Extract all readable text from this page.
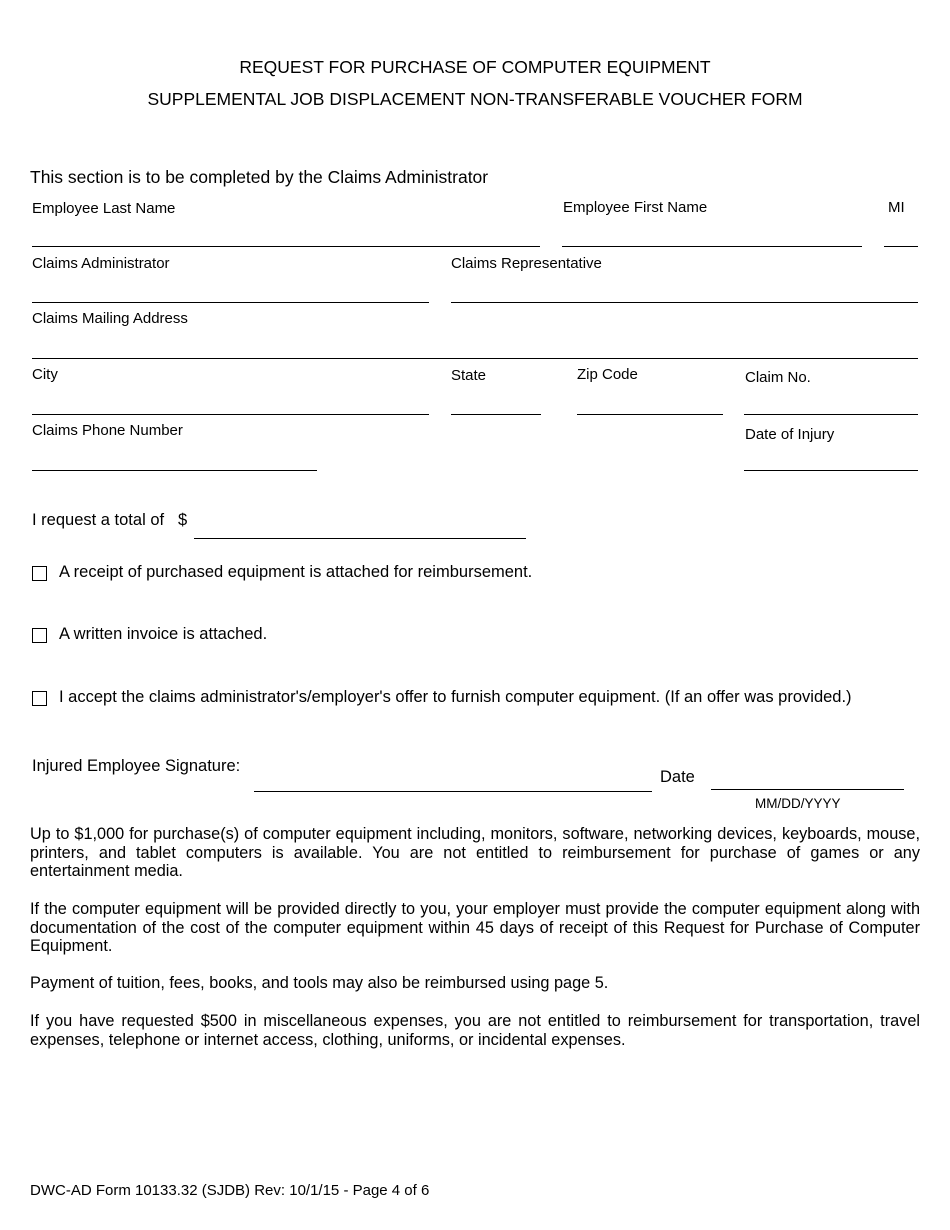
REQUEST FOR PURCHASE OF COMPUTER EQUIPMENT
SUPPLEMENTAL JOB DISPLACEMENT NON-TRANSFERABLE VOUCHER FORM
This section is to be completed by the Claims Administrator
Employee Last Name	Employee First Name	MI
Claims Administrator	Claims Representative
Claims Mailing Address
City	State	Zip Code	Claim No.
Claims Phone Number	Date of Injury
I request a total of $
A receipt of purchased equipment is attached for reimbursement.
A written invoice is attached.
I accept the claims administrator's/employer's offer to furnish computer equipment. (If an offer was provided.)
Injured Employee Signature:
Date
MM/DD/YYYY
Up to $1,000 for purchase(s) of computer equipment including, monitors, software, networking devices, keyboards, mouse, printers, and tablet computers is available. You are not entitled to reimbursement for purchase of games or any entertainment media.
If the computer equipment will be provided directly to you, your employer must provide the computer equipment along with documentation of the cost of the computer equipment within 45 days of receipt of this Request for Purchase of Computer Equipment.
Payment of tuition, fees, books, and tools may also be reimbursed using page 5.
If you have requested $500 in miscellaneous expenses, you are not entitled to reimbursement for transportation, travel expenses, telephone or internet access, clothing, uniforms, or incidental expenses.
DWC-AD Form 10133.32 (SJDB) Rev: 10/1/15 - Page 4 of 6
